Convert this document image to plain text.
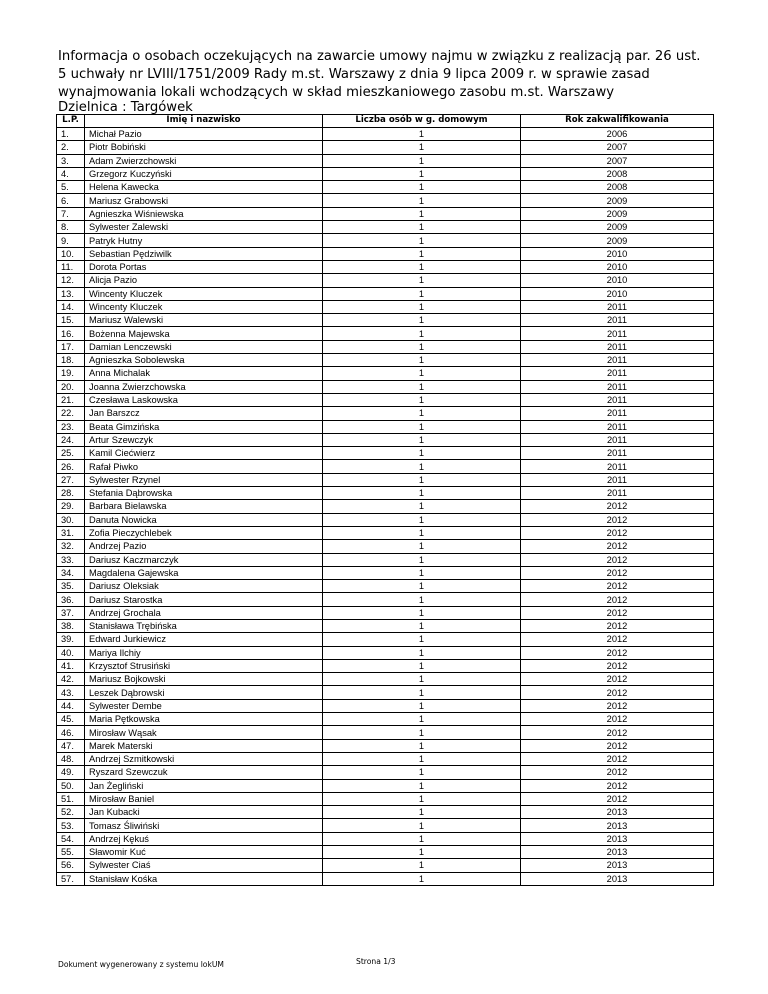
Informacja o osobach oczekujących na zawarcie umowy najmu w związku z realizacją par. 26 ust.

5 uchwały nr LVIII/1751/2009 Rady m.st. Warszawy z dnia 9 lipca 2009 r. w sprawie zasad

wynajmowania lokali wchodzących w skład mieszkaniowego zasobu m.st. Warszawy

Dzielnica : Targówek
L.P.	Imię i nazwisko	Liczba osób w g. domowym	Rok zakwalifikowania
1.	Michał Pazio	1	2006
2.	Piotr Bobiński	1	2007
3.	Adam Zwierzchowski	1	2007
4.	Grzegorz Kuczyński	1	2008
5.	Helena Kawecka	1	2008
6.	Mariusz Grabowski	1	2009
7.	Agnieszka Wiśniewska	1	2009
8.	Sylwester Zalewski	1	2009
9.	Patryk Hutny	1	2009
10.	Sebastian Pędziwilk	1	2010
11.	Dorota Portas	1	2010
12.	Alicja Pazio	1	2010
13.	Wincenty Kluczek	1	2010
14.	Wincenty Kluczek	1	2011
15.	Mariusz Walewski	1	2011
16.	Bożenna Majewska	1	2011
17.	Damian Lenczewski	1	2011
18.	Agnieszka Sobolewska	1	2011
19.	Anna Michalak	1	2011
20.	Joanna Zwierzchowska	1	2011
21.	Czesława Laskowska	1	2011
22.	Jan Barszcz	1	2011
23.	Beata Gimzińska	1	2011
24.	Artur Szewczyk	1	2011
25.	Kamil Ciećwierz	1	2011
26.	Rafał Piwko	1	2011
27.	Sylwester Rzynel	1	2011
28.	Stefania Dąbrowska	1	2011
29.	Barbara Bielawska	1	2012
30.	Danuta Nowicka	1	2012
31.	Zofia Pieczychlebek	1	2012
32.	Andrzej Pazio	1	2012
33.	Dariusz Kaczmarczyk	1	2012
34.	Magdalena Gajewska	1	2012
35.	Dariusz Oleksiak	1	2012
36.	Dariusz Starostka	1	2012
37.	Andrzej Grochala	1	2012
38.	Stanisława Trębińska	1	2012
39.	Edward Jurkiewicz	1	2012
40.	Mariya Ilchiy	1	2012
41.	Krzysztof Strusiński	1	2012
42.	Mariusz Bojkowski	1	2012
43.	Leszek Dąbrowski	1	2012
44.	Sylwester Dembe	1	2012
45.	Maria Pętkowska	1	2012
46.	Mirosław Wąsak	1	2012
47.	Marek Materski	1	2012
48.	Andrzej Szmitkowski	1	2012
49.	Ryszard Szewczuk	1	2012
50.	Jan Żegliński	1	2012
51.	Mirosław Baniel	1	2012
52.	Jan Kubacki	1	2013
53.	Tomasz Śliwiński	1	2013
54.	Andrzej Kękuś	1	2013
55.	Sławomir Kuć	1	2013
56.	Sylwester Ciaś	1	2013
57.	Stanisław Kośka	1	2013
Dokument wygenerowany z systemu lokUM	Strona 1/3
